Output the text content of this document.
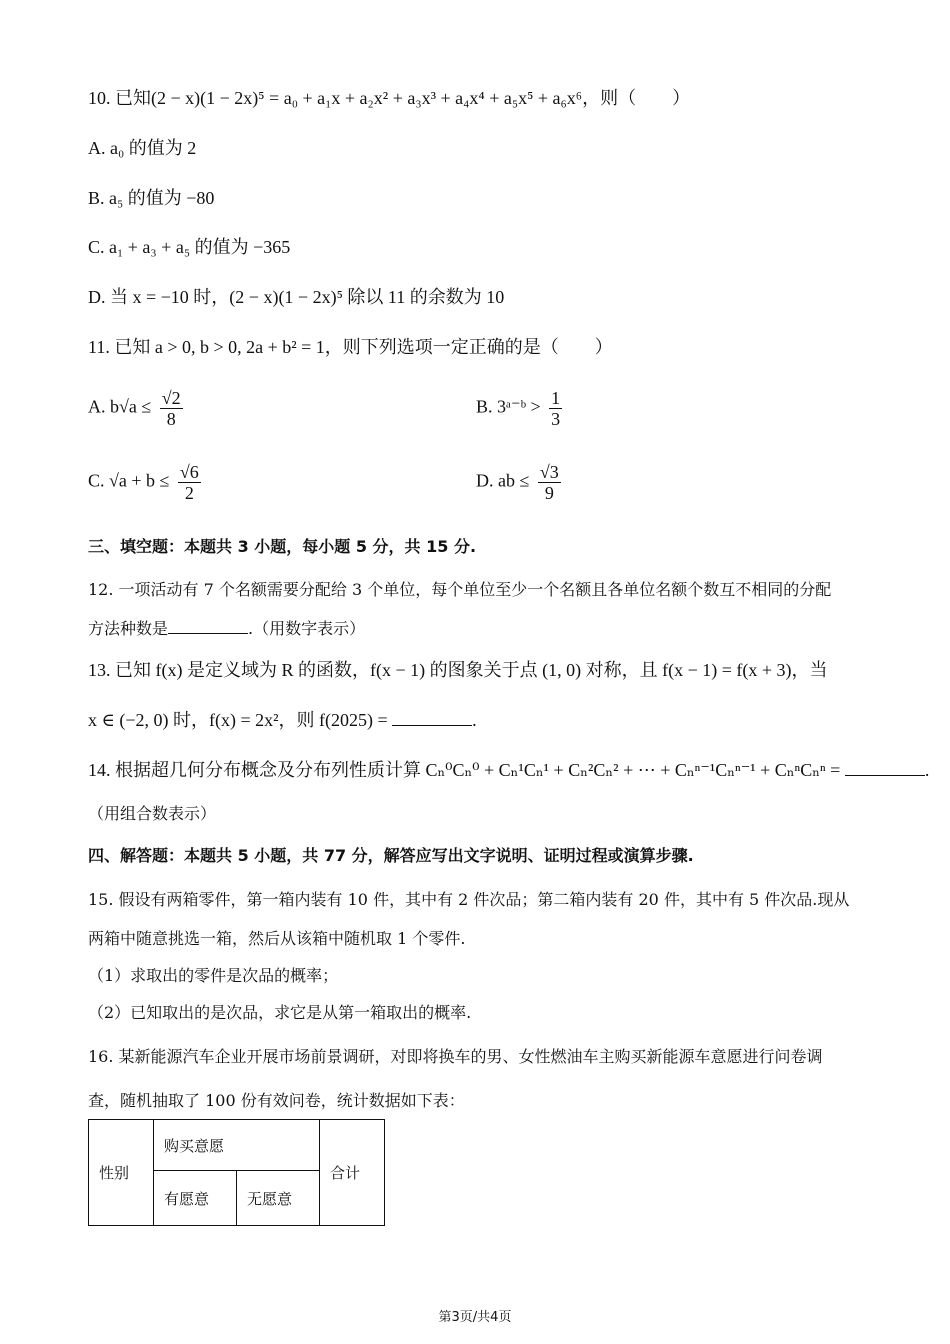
10. 已知(2 − x)(1 − 2x)⁵ = a₀ + a₁x + a₂x² + a₃x³ + a₄x⁴ + a₅x⁵ + a₆x⁶，则（　　）
A. a₀ 的值为 2
B. a₅ 的值为 −80
C. a₁ + a₃ + a₅ 的值为 −365
D. 当 x = −10 时，(2 − x)(1 − 2x)⁵ 除以 11 的余数为 10
11. 已知 a > 0, b > 0, 2a + b² = 1，则下列选项一定正确的是（　　）
A. $b√a \le \frac{√2}{8}$	B. 3ᵃ⁻ᵇ > $\frac{1}{3}$
C. $√a + b \le \frac{√6}{2}$	D. ab ≤ $\frac{√3}{9}$
三、填空题：本题共 3 小题，每小题 5 分，共 15 分.
12. 一项活动有 7 个名额需要分配给 3 个单位，每个单位至少一个名额且各单位名额个数互不相同的分配
方法种数是	.（用数字表示）
13. 已知 f(x) 是定义域为 R 的函数，f(x − 1) 的图象关于点 (1, 0) 对称，且 f(x − 1) = f(x + 3)，当
x ∈ (−2, 0) 时，f(x) = 2x²，则 f(2025) =	.
14. 根据超几何分布概念及分布列性质计算 Cₙ⁰Cₙ⁰ + Cₙ¹Cₙ¹ + Cₙ²Cₙ² + ⋯ + Cₙⁿ⁻¹Cₙⁿ⁻¹ + CₙⁿCₙⁿ =	.
（用组合数表示）
四、解答题：本题共 5 小题，共 77 分，解答应写出文字说明、证明过程或演算步骤.
15. 假设有两箱零件，第一箱内装有 10 件，其中有 2 件次品；第二箱内装有 20 件，其中有 5 件次品.现从
两箱中随意挑选一箱，然后从该箱中随机取 1 个零件.
（1）求取出的零件是次品的概率；
（2）已知取出的是次品，求它是从第一箱取出的概率.
16. 某新能源汽车企业开展市场前景调研，对即将换车的男、女性燃油车主购买新能源车意愿进行问卷调
查，随机抽取了 100 份有效问卷，统计数据如下表：
性别	购买意愿		合计
	有愿意	无愿意	
第3页/共4页
